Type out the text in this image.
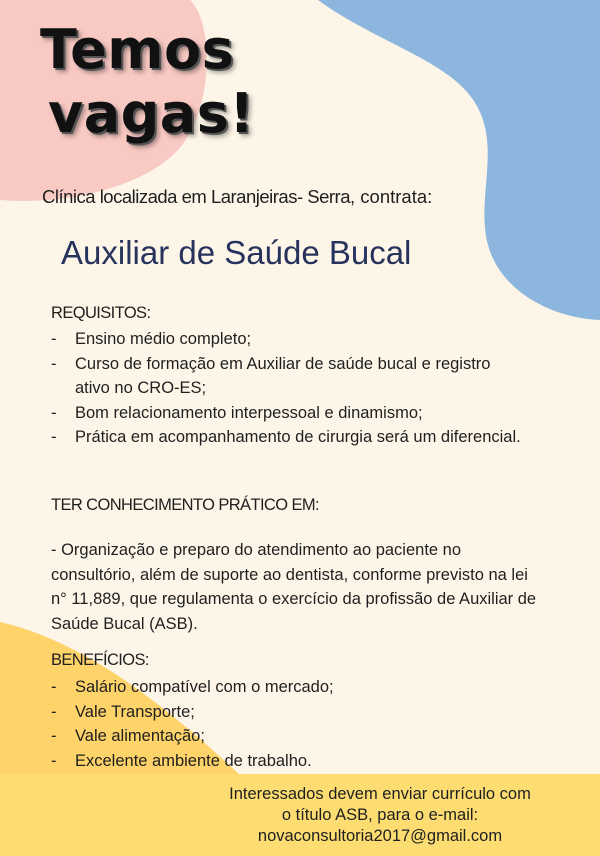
Temos
vagas!
Clínica localizada em Laranjeiras- Serra, contrata:
Auxiliar de Saúde Bucal
REQUISITOS:
- Ensino médio completo;
- Curso de formação em Auxiliar de saúde bucal e registro ativo no CRO-ES;
- Bom relacionamento interpessoal e dinamismo;
- Prática em acompanhamento de cirurgia será um diferencial.
TER CONHECIMENTO PRÁTICO EM:

- Organização e preparo do atendimento ao paciente no consultório, além de suporte ao dentista, conforme previsto na lei n° 11,889, que regulamenta o exercício da profissão de Auxiliar de Saúde Bucal (ASB).

BENEFÍCIOS:
- Salário compatível com o mercado;
- Vale Transporte;
- Vale alimentação;
- Excelente ambiente de trabalho.

Interessados devem enviar currículo com

o título ASB, para o e-mail:

novaconsultoria2017@gmail.com
